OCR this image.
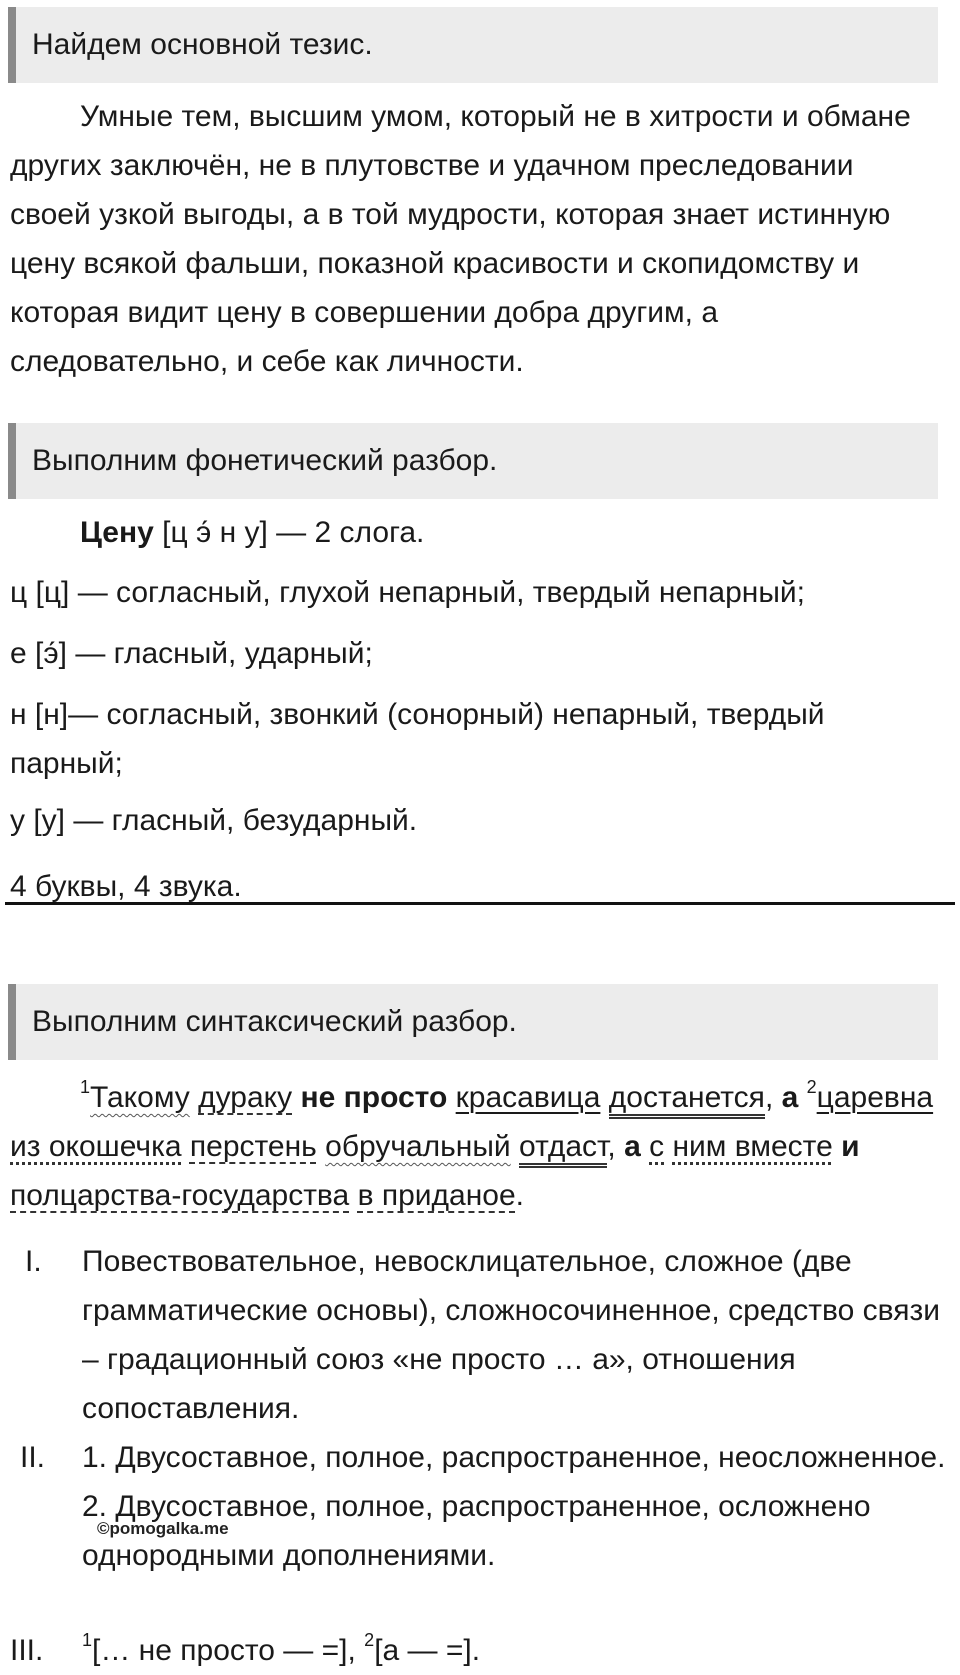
Найдем основной тезис.

Умные тем, высшим умом, который не в хитрости и обмане других заключён, не в плутовстве и удачном преследовании своей узкой выгоды, а в той мудрости, которая знает истинную цену всякой фальши, показной красивости и скопидомству и которая видит цену в совершении добра другим, а следовательно, и себе как личности.

Выполним фонетический разбор.
Цену [ц э́ н у] — 2 слога.
ц [ц] — согласный, глухой непарный, твердый непарный;
е [э́] — гласный, ударный;

н [н]— согласный, звонкий (сонорный) непарный, твердый парный;

у [у] — гласный, безударный.
4 буквы, 4 звука.
Выполним синтаксический разбор.

$^1$Такому дураку не просто красавица достанется, а $^2$царевна из окошечка перстень обручальный отдаст, а с ним вместе и полцарства-государства в приданое.

I.	Повествовательное, невосклицательное, сложное (две грамматические основы), сложносочиненное, средство связи – градационный союз «не просто … а», отношения сопоставления.
II.	1. Двусоставное, полное, распространенное, неосложненное. 2. Двусоставное, полное, распространенное, осложнено однородными дополнениями.
III.	$^1$[… не просто — =], $^2$[а — =].
©pomogalka.me
